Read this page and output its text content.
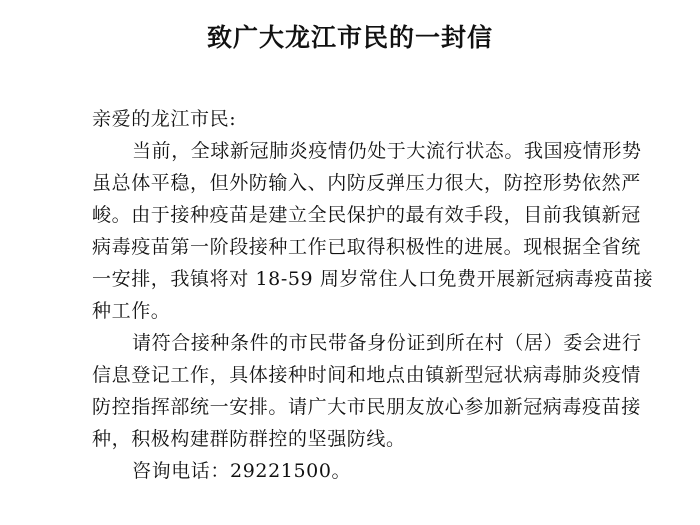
致广大龙江市民的一封信
亲爱的龙江市民:
当前，全球新冠肺炎疫情仍处于大流行状态。我国疫情形势
虽总体平稳，但外防输入、内防反弹压力很大，防控形势依然严
峻。由于接种疫苗是建立全民保护的最有效手段，目前我镇新冠
病毒疫苗第一阶段接种工作已取得积极性的进展。现根据全省统
一安排，我镇将对 18-59 周岁常住人口免费开展新冠病毒疫苗接
种工作。
请符合接种条件的市民带备身份证到所在村（居）委会进行
信息登记工作，具体接种时间和地点由镇新型冠状病毒肺炎疫情
防控指挥部统一安排。请广大市民朋友放心参加新冠病毒疫苗接
种，积极构建群防群控的坚强防线。
咨询电话：29221500。
